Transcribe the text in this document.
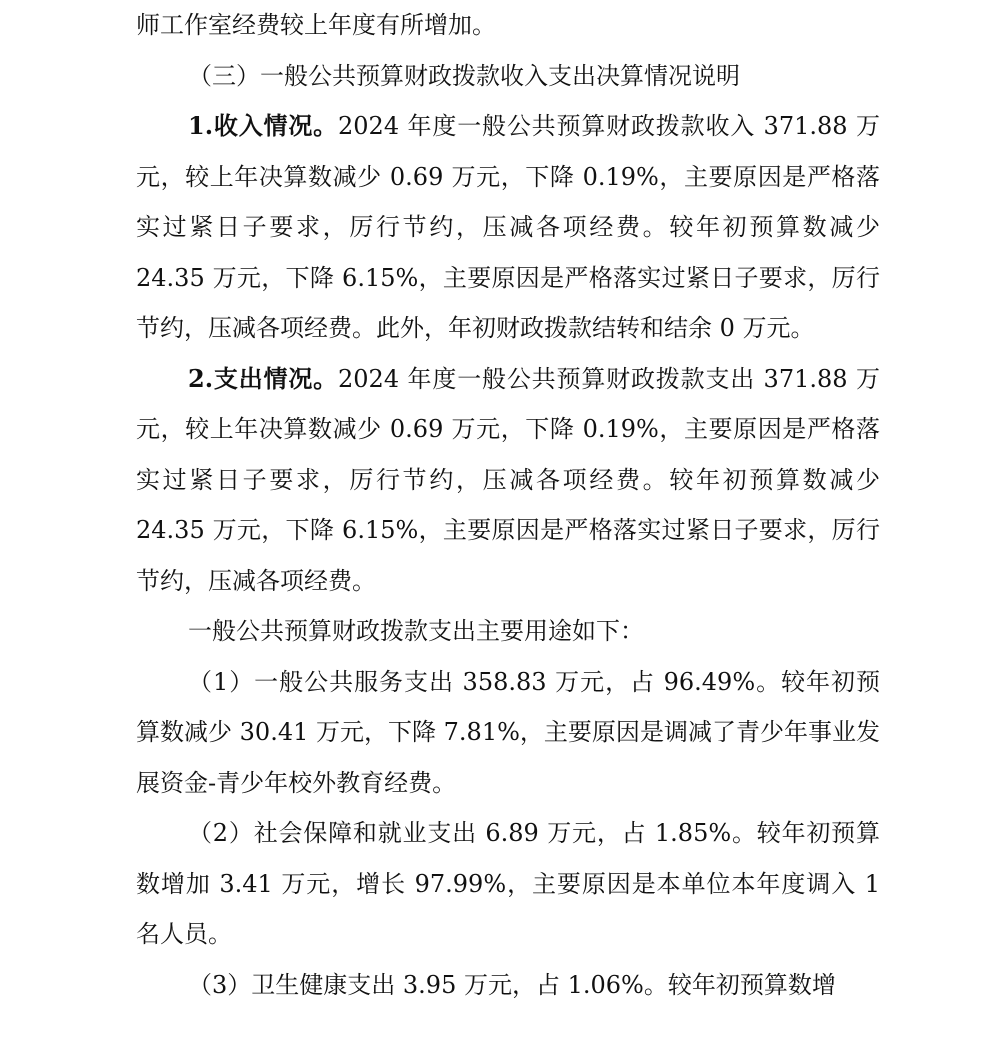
师工作室经费较上年度有所增加。

（三）一般公共预算财政拨款收入支出决算情况说明

1.收入情况。2024 年度一般公共预算财政拨款收入 371.88 万元，较上年决算数减少 0.69 万元，下降 0.19%，主要原因是严格落实过紧日子要求，厉行节约，压减各项经费。较年初预算数减少 24.35 万元，下降 6.15%，主要原因是严格落实过紧日子要求，厉行节约，压减各项经费。此外，年初财政拨款结转和结余 0 万元。

2.支出情况。2024 年度一般公共预算财政拨款支出 371.88 万元，较上年决算数减少 0.69 万元，下降 0.19%，主要原因是严格落实过紧日子要求，厉行节约，压减各项经费。较年初预算数减少 24.35 万元，下降 6.15%，主要原因是严格落实过紧日子要求，厉行节约，压减各项经费。

一般公共预算财政拨款支出主要用途如下：

（1）一般公共服务支出 358.83 万元，占 96.49%。较年初预算数减少 30.41 万元，下降 7.81%，主要原因是调减了青少年事业发展资金-青少年校外教育经费。

（2）社会保障和就业支出 6.89 万元，占 1.85%。较年初预算数增加 3.41 万元，增长 97.99%，主要原因是本单位本年度调入 1 名人员。

（3）卫生健康支出 3.95 万元，占 1.06%。较年初预算数增
